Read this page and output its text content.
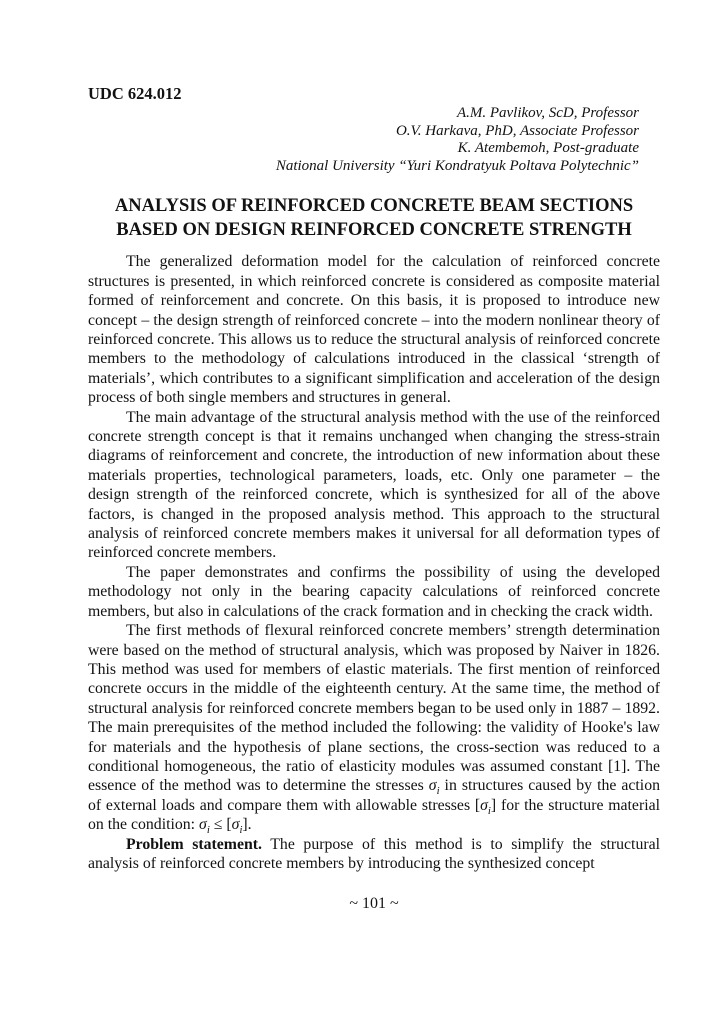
UDC 624.012
A.M. Pavlikov, ScD, Professor
O.V. Harkava, PhD, Associate Professor
K. Atembemoh, Post-graduate
National University “Yuri Kondratyuk Poltava Polytechnic”
ANALYSIS OF REINFORCED CONCRETE BEAM SECTIONS BASED ON DESIGN REINFORCED CONCRETE STRENGTH

The generalized deformation model for the calculation of reinforced concrete structures is presented, in which reinforced concrete is considered as composite material formed of reinforcement and concrete. On this basis, it is proposed to introduce new concept – the design strength of reinforced concrete – into the modern nonlinear theory of reinforced concrete. This allows us to reduce the structural analysis of reinforced concrete members to the methodology of calculations introduced in the classical ‘strength of materials’, which contributes to a significant simplification and acceleration of the design process of both single members and structures in general.

The main advantage of the structural analysis method with the use of the reinforced concrete strength concept is that it remains unchanged when changing the stress-strain diagrams of reinforcement and concrete, the introduction of new information about these materials properties, technological parameters, loads, etc. Only one parameter – the design strength of the reinforced concrete, which is synthesized for all of the above factors, is changed in the proposed analysis method. This approach to the structural analysis of reinforced concrete members makes it universal for all deformation types of reinforced concrete members.

The paper demonstrates and confirms the possibility of using the developed methodology not only in the bearing capacity calculations of reinforced concrete members, but also in calculations of the crack formation and in checking the crack width.

The first methods of flexural reinforced concrete members’ strength determination were based on the method of structural analysis, which was proposed by Naiver in 1826. This method was used for members of elastic materials. The first mention of reinforced concrete occurs in the middle of the eighteenth century. At the same time, the method of structural analysis for reinforced concrete members began to be used only in 1887 – 1892. The main prerequisites of the method included the following: the validity of Hooke's law for materials and the hypothesis of plane sections, the cross-section was reduced to a conditional homogeneous, the ratio of elasticity modules was assumed constant [1]. The essence of the method was to determine the stresses $\sigma_i$ in structures caused by the action of external loads and compare them with allowable stresses $[\sigma_i]$ for the structure material on the condition: $\sigma_i \le [\sigma_i]$.

Problem statement. The purpose of this method is to simplify the structural analysis of reinforced concrete members by introducing the synthesized concept

~ 101 ~
